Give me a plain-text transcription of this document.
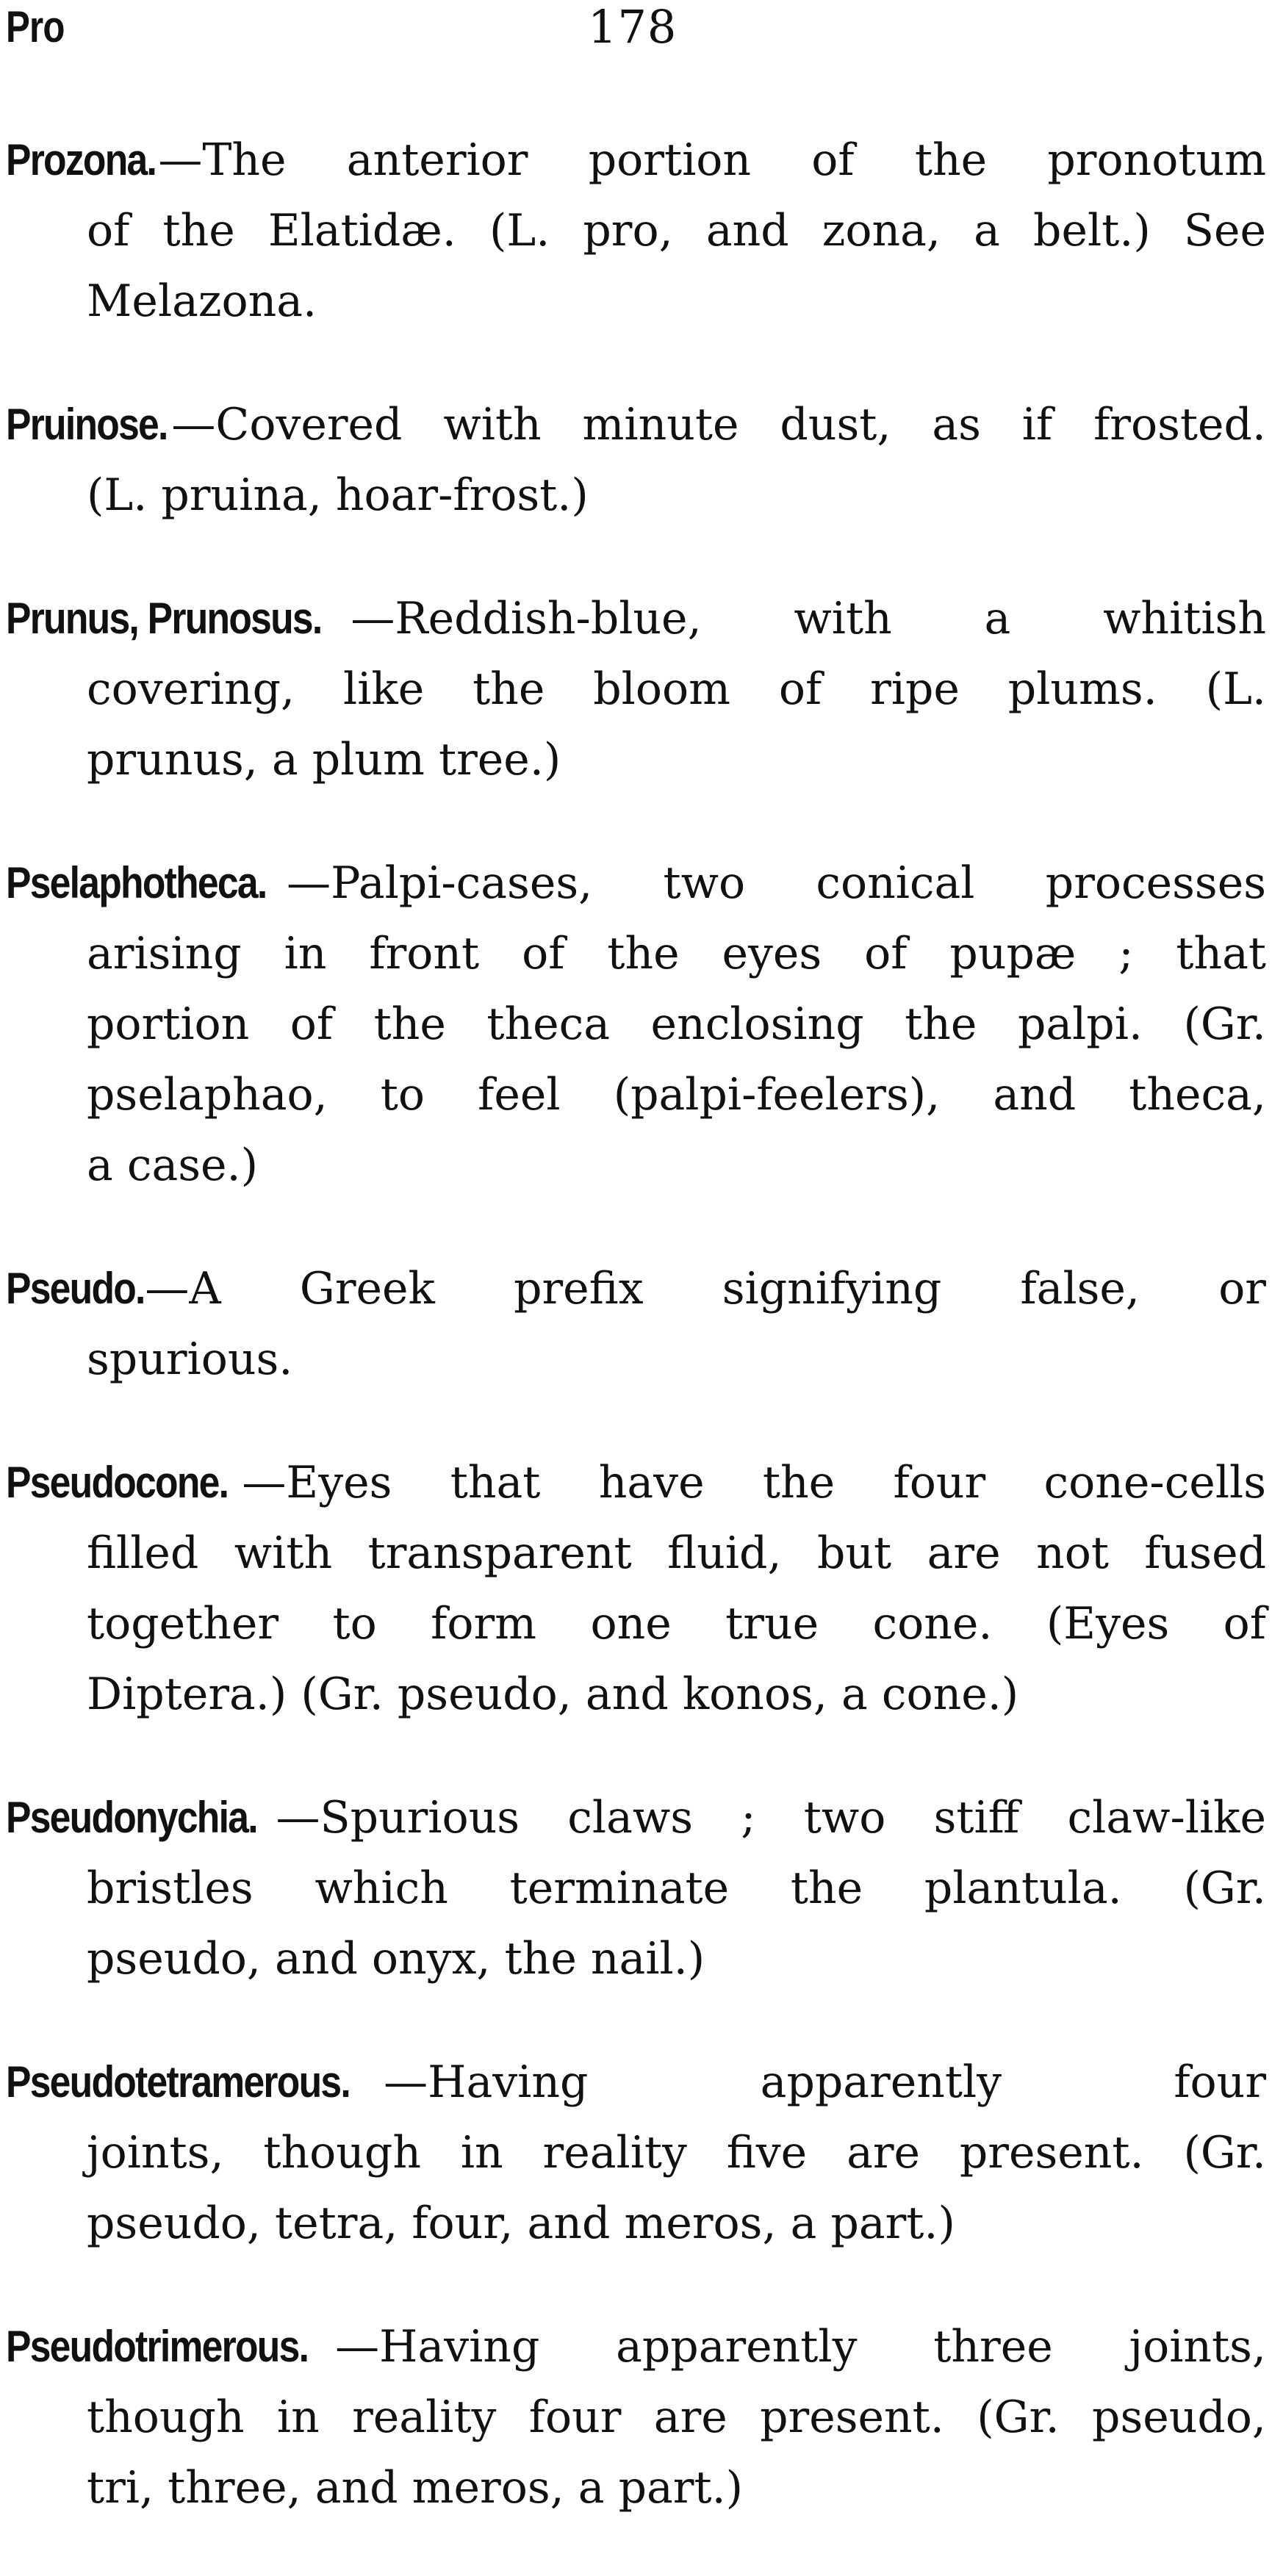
Pro	178
Prozona.—The anterior portion of the pronotum
of the Elatidæ. (L. pro, and zona, a belt.) See
Melazona.
Pruinose.—Covered with minute dust, as if frosted.
(L. pruina, hoar-frost.)
Prunus, Prunosus. —Reddish-blue, with a whitish
covering, like the bloom of ripe plums. (L.
prunus, a plum tree.)
Pselaphotheca. —Palpi-cases, two conical processes
arising in front of the eyes of pupæ ; that
portion of the theca enclosing the palpi. (Gr.
pselaphao, to feel (palpi-feelers), and theca,
a case.)
Pseudo.—A Greek prefix signifying false, or
spurious.
Pseudocone. —Eyes that have the four cone-cells
filled with transparent fluid, but are not fused
together to form one true cone. (Eyes of
Diptera.) (Gr. pseudo, and konos, a cone.)
Pseudonychia. —Spurious claws ; two stiff claw-like
bristles which terminate the plantula. (Gr.
pseudo, and onyx, the nail.)
Pseudotetramerous. —Having apparently four
joints, though in reality five are present. (Gr.
pseudo, tetra, four, and meros, a part.)
Pseudotrimerous. —Having apparently three joints,
though in reality four are present. (Gr. pseudo,
tri, three, and meros, a part.)
